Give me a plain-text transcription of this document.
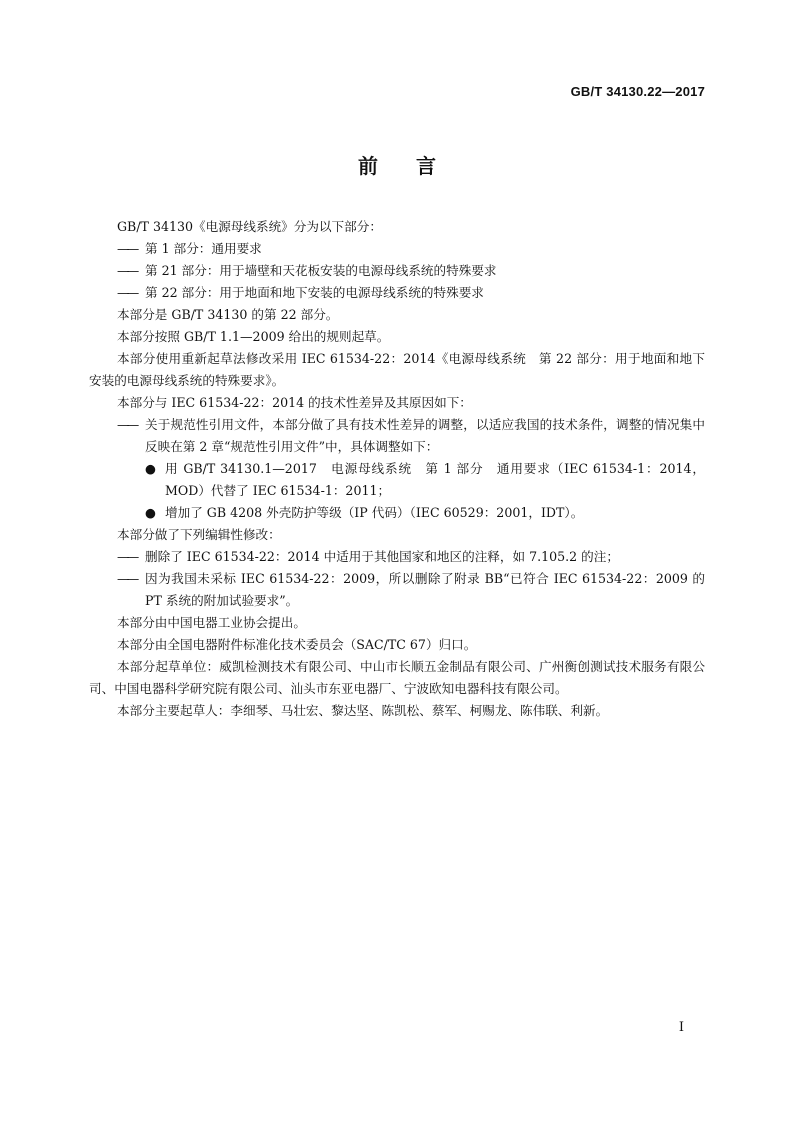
GB/T 34130.22—2017
前言

GB/T 34130《电源母线系统》分为以下部分：

—— 第 1 部分：通用要求

—— 第 21 部分：用于墙壁和天花板安装的电源母线系统的特殊要求

—— 第 22 部分：用于地面和地下安装的电源母线系统的特殊要求

本部分是 GB/T 34130 的第 22 部分。

本部分按照 GB/T 1.1—2009 给出的规则起草。

本部分使用重新起草法修改采用 IEC 61534-22：2014《电源母线系统　第 22 部分：用于地面和地下安装的电源母线系统的特殊要求》。

本部分与 IEC 61534-22：2014 的技术性差异及其原因如下：

—— 关于规范性引用文件，本部分做了具有技术性差异的调整，以适应我国的技术条件，调整的情况集中反映在第 2 章“规范性引用文件”中，具体调整如下：

● 用 GB/T 34130.1—2017　电源母线系统　第 1 部分　通用要求（IEC 61534-1：2014，MOD）代替了 IEC 61534-1：2011；

● 增加了 GB 4208 外壳防护等级（IP 代码）（IEC 60529：2001，IDT）。

本部分做了下列编辑性修改：

—— 删除了 IEC 61534-22：2014 中适用于其他国家和地区的注释，如 7.105.2 的注；

—— 因为我国未采标 IEC 61534-22：2009，所以删除了附录 BB“已符合 IEC 61534-22：2009 的 PT 系统的附加试验要求”。

本部分由中国电器工业协会提出。

本部分由全国电器附件标准化技术委员会（SAC/TC 67）归口。

本部分起草单位：威凯检测技术有限公司、中山市长顺五金制品有限公司、广州衡创测试技术服务有限公司、中国电器科学研究院有限公司、汕头市东亚电器厂、宁波欧知电器科技有限公司。

本部分主要起草人：李细琴、马壮宏、黎达坚、陈凯松、蔡军、柯赐龙、陈伟联、利新。

I
